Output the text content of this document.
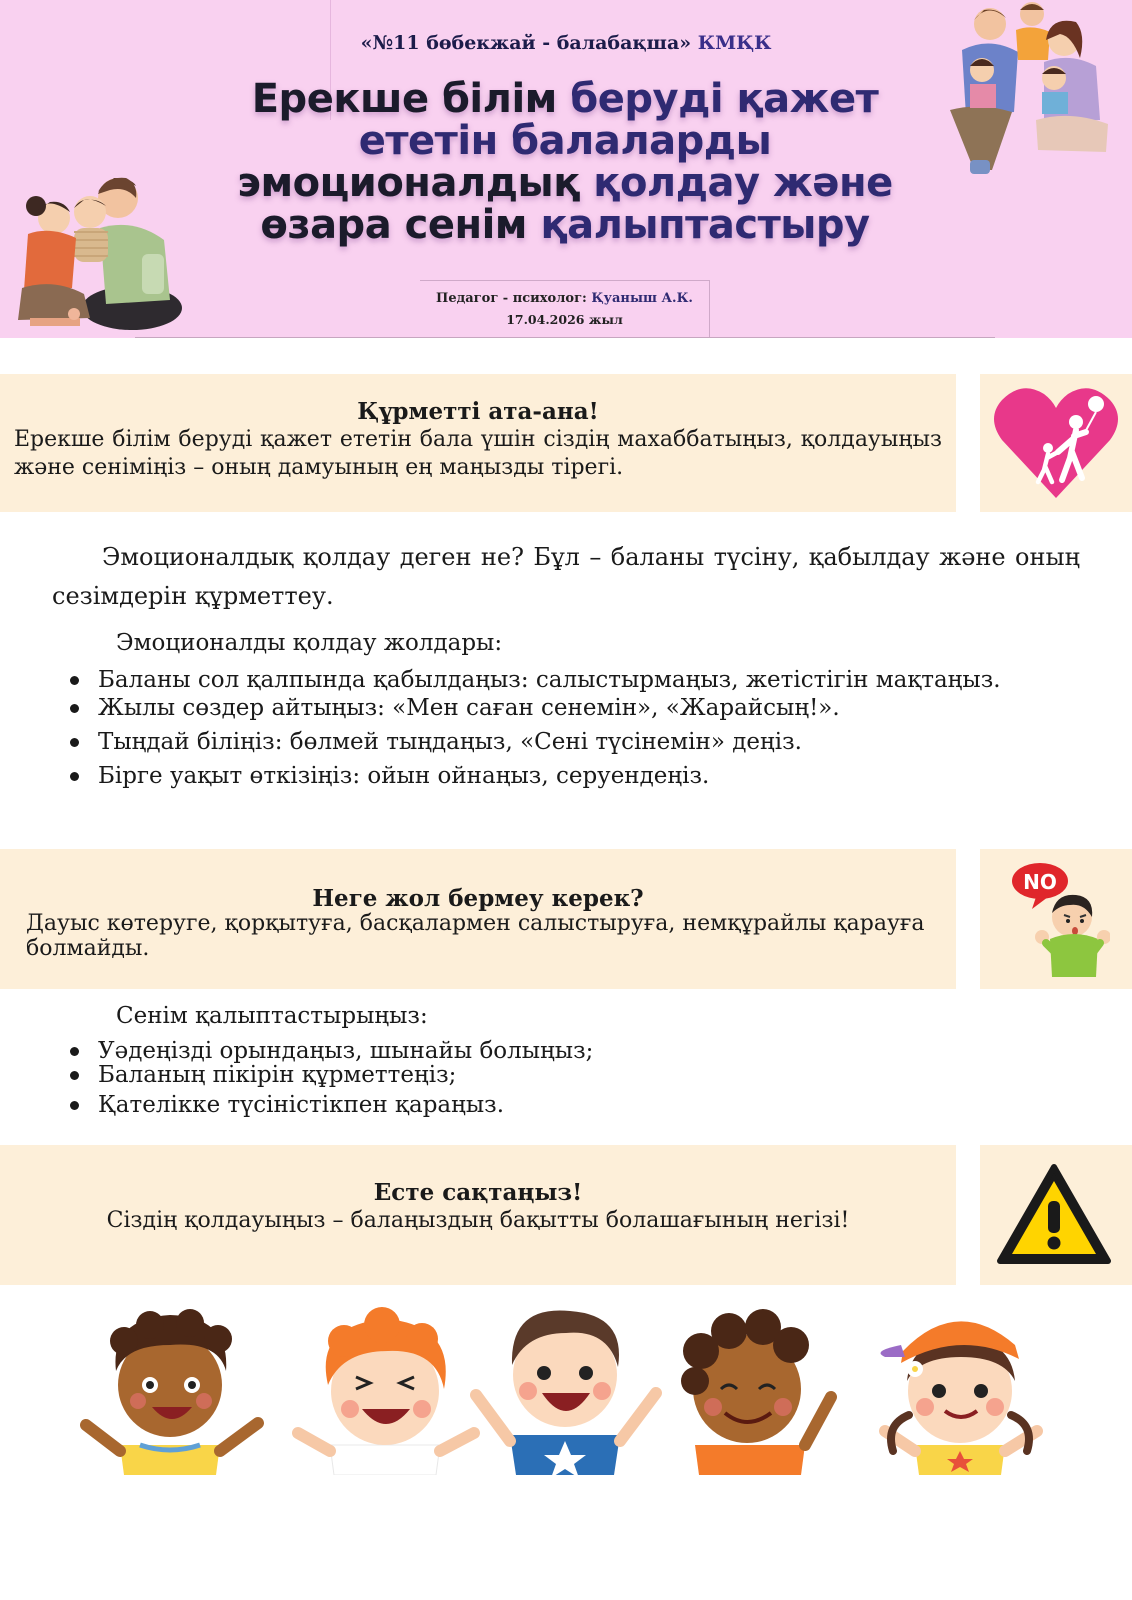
«№11 бөбекжай - балабақша» КМҚК
Ерекше білім беруді қажет
ететін балаларды
эмоционалдық қолдау және
өзара сенім қалыптастыру
Педагог - психолог: Қуаныш А.К.
17.04.2026 жыл
Құрметті ата-ана!
Ерекше білім беруді қажет ететін бала үшін сіздің махаббатыңыз, қолдауыңыз және сеніміңіз – оның дамуының ең маңызды тірегі.
Эмоционалдық қолдау деген не? Бұл – баланы түсіну, қабылдау және оның сезімдерін құрметтеу.
Эмоционалды қолдау жолдары:
Баланы сол қалпында қабылдаңыз: салыстырмаңыз, жетістігін мақтаңыз.
Жылы сөздер айтыңыз: «Мен саған сенемін», «Жарайсың!».
Тыңдай біліңіз: бөлмей тыңдаңыз, «Сені түсінемін» деңіз.
Бірге уақыт өткізіңіз: ойын ойнаңыз, серуендеңіз.
Неге жол бермеу керек?
Дауыс көтеруге, қорқытуға, басқалармен салыстыруға, немқұрайлы қарауға болмайды.
NO
Сенім қалыптастырыңыз:
Уәдеңізді орындаңыз, шынайы болыңыз;
Баланың пікірін құрметтеңіз;
Қателікке түсіністікпен қараңыз.
Есте сақтаңыз!
Сіздің қолдауыңыз – балаңыздың бақытты болашағының негізі!
